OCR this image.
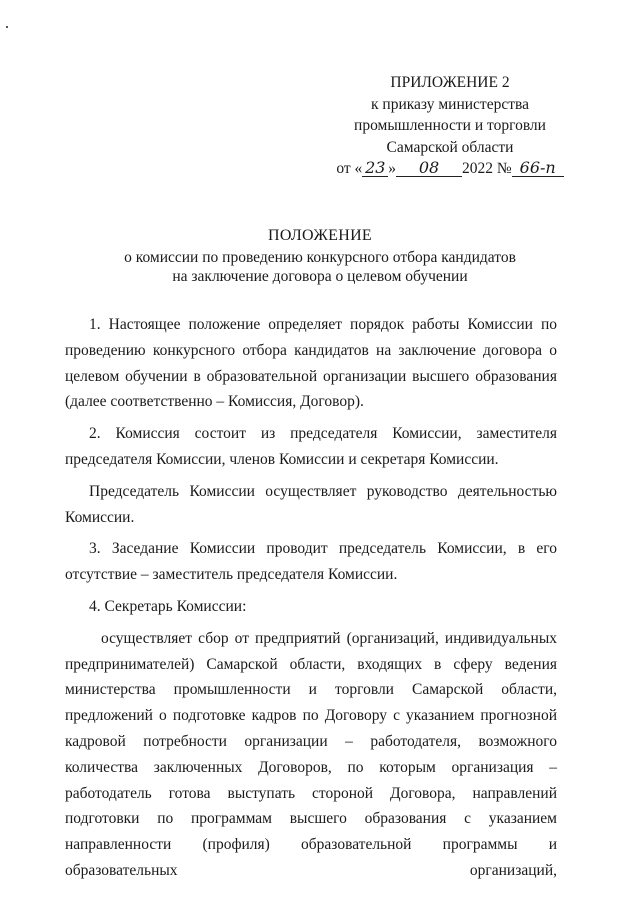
ПРИЛОЖЕНИЕ 2
к приказу министерства
промышленности и торговли
Самарской области
от « 23 » 08 2022 № 66-п
ПОЛОЖЕНИЕ
о комиссии по проведению конкурсного отбора кандидатов
на заключение договора о целевом обучении

1. Настоящее положение определяет порядок работы Комиссии по проведению конкурсного отбора кандидатов на заключение договора о целевом обучении в образовательной организации высшего образования (далее соответственно – Комиссия, Договор).

2. Комиссия состоит из председателя Комиссии, заместителя председателя Комиссии, членов Комиссии и секретаря Комиссии.

Председатель Комиссии осуществляет руководство деятельностью Комиссии.

3. Заседание Комиссии проводит председатель Комиссии, в его отсутствие – заместитель председателя Комиссии.

4. Секретарь Комиссии:

осуществляет сбор от предприятий (организаций, индивидуальных предпринимателей) Самарской области, входящих в сферу ведения министерства промышленности и торговли Самарской области, предложений о подготовке кадров по Договору с указанием прогнозной кадровой потребности организации – работодателя, возможного количества заключенных Договоров, по которым организация – работодатель готова выступать стороной Договора, направлений подготовки по программам высшего образования с указанием направленности (профиля) образовательной программы и образовательных организаций,
